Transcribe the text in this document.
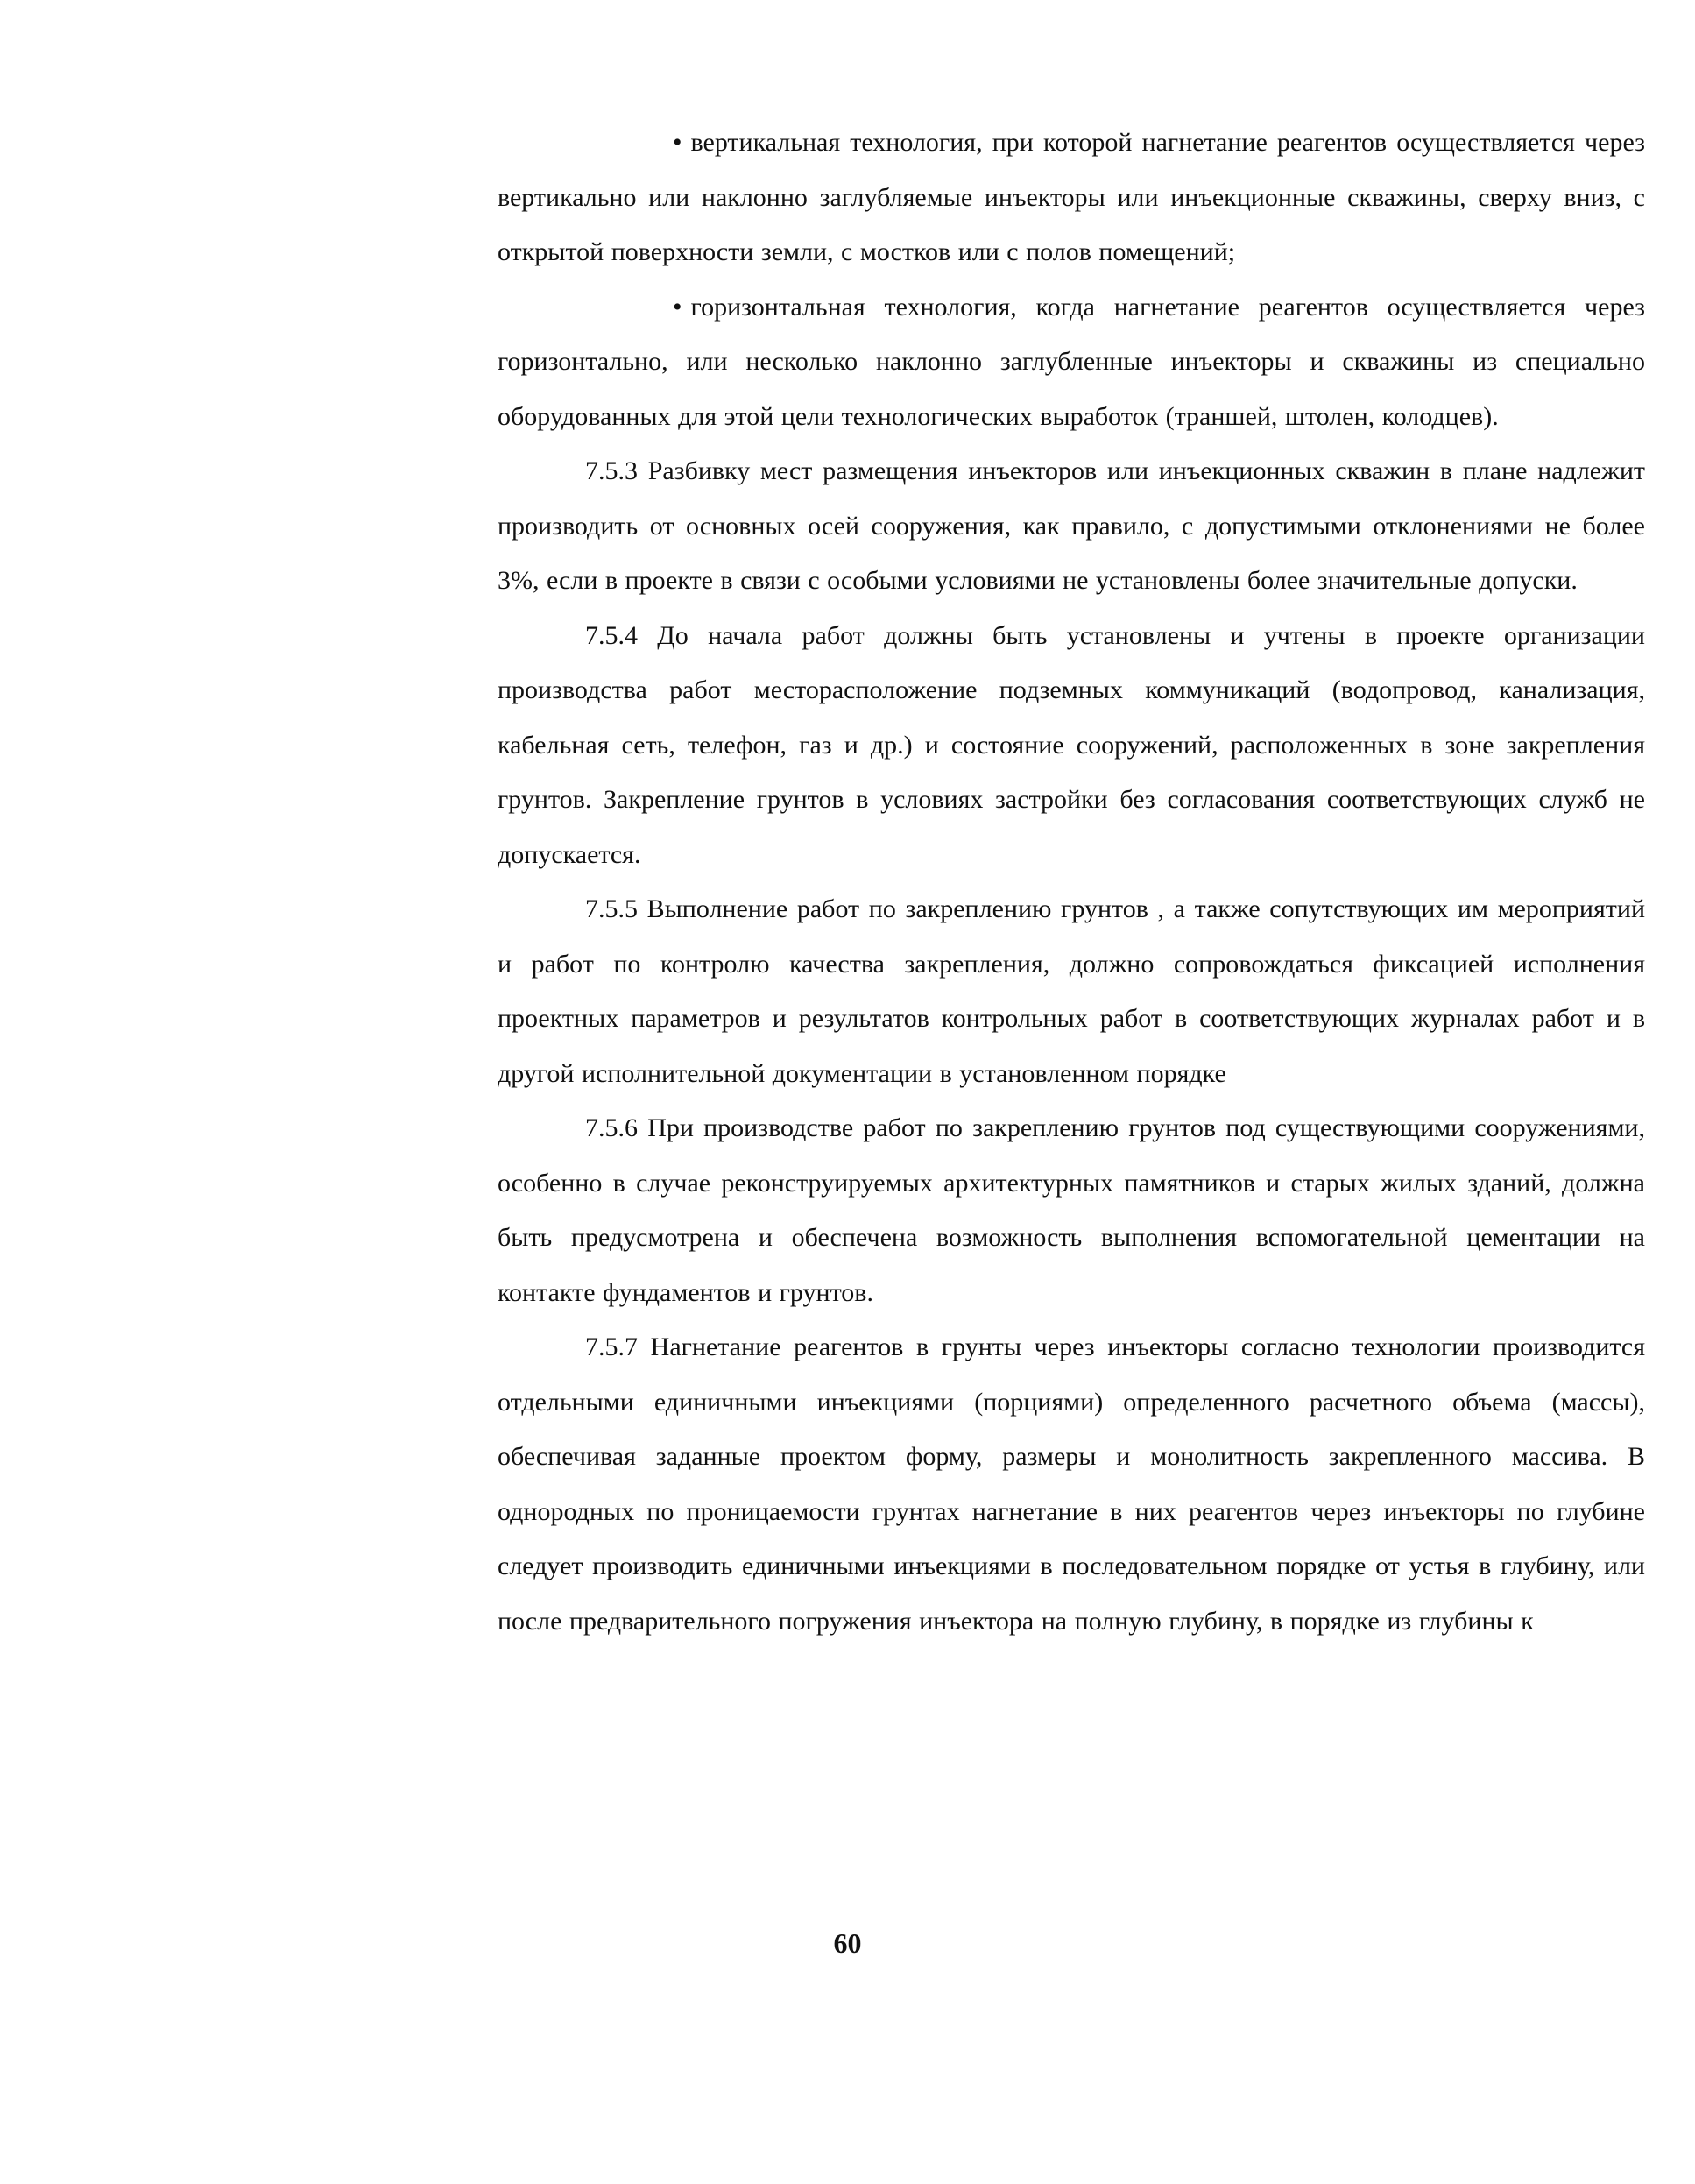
• вертикальная технология, при которой нагнетание реагентов осуществляется через вертикально или наклонно заглубляемые инъекторы или инъекционные скважины, сверху вниз, с открытой поверхности земли, с мостков или с полов помещений;

• горизонтальная технология, когда нагнетание реагентов осуществляется через горизонтально, или несколько наклонно заглубленные инъекторы и скважины из специально оборудованных для этой цели технологических выработок (траншей, штолен, колодцев).

7.5.3 Разбивку мест размещения инъекторов или инъекционных скважин в плане надлежит производить от основных осей сооружения, как правило, с допустимыми отклонениями не более 3%, если в проекте в связи с особыми условиями не установлены более значительные допуски.

7.5.4 До начала работ должны быть установлены и учтены в проекте организации производства работ месторасположение подземных коммуникаций (водопровод, канализация, кабельная сеть, телефон, газ и др.) и состояние сооружений, расположенных в зоне закрепления грунтов. Закрепление грунтов в условиях застройки без согласования соответствующих служб не допускается.

7.5.5 Выполнение работ по закреплению грунтов , а также сопутствующих им мероприятий и работ по контролю качества закрепления, должно сопровождаться фиксацией исполнения проектных параметров и результатов контрольных работ в соответствующих журналах работ и в другой исполнительной документации в установленном порядке

7.5.6 При производстве работ по закреплению грунтов под существующими сооружениями, особенно в случае реконструируемых архитектурных памятников и старых жилых зданий, должна быть предусмотрена и обеспечена возможность выполнения вспомогательной цементации на контакте фундаментов и грунтов.

7.5.7 Нагнетание реагентов в грунты через инъекторы согласно технологии производится отдельными единичными инъекциями (порциями) определенного расчетного объема (массы), обеспечивая заданные проектом форму, размеры и монолитность закрепленного массива. В однородных по проницаемости грунтах нагнетание в них реагентов через инъекторы по глубине следует производить единичными инъекциями в последовательном порядке от устья в глубину, или после предварительного погружения инъектора на полную глубину, в порядке из глубины к

60
